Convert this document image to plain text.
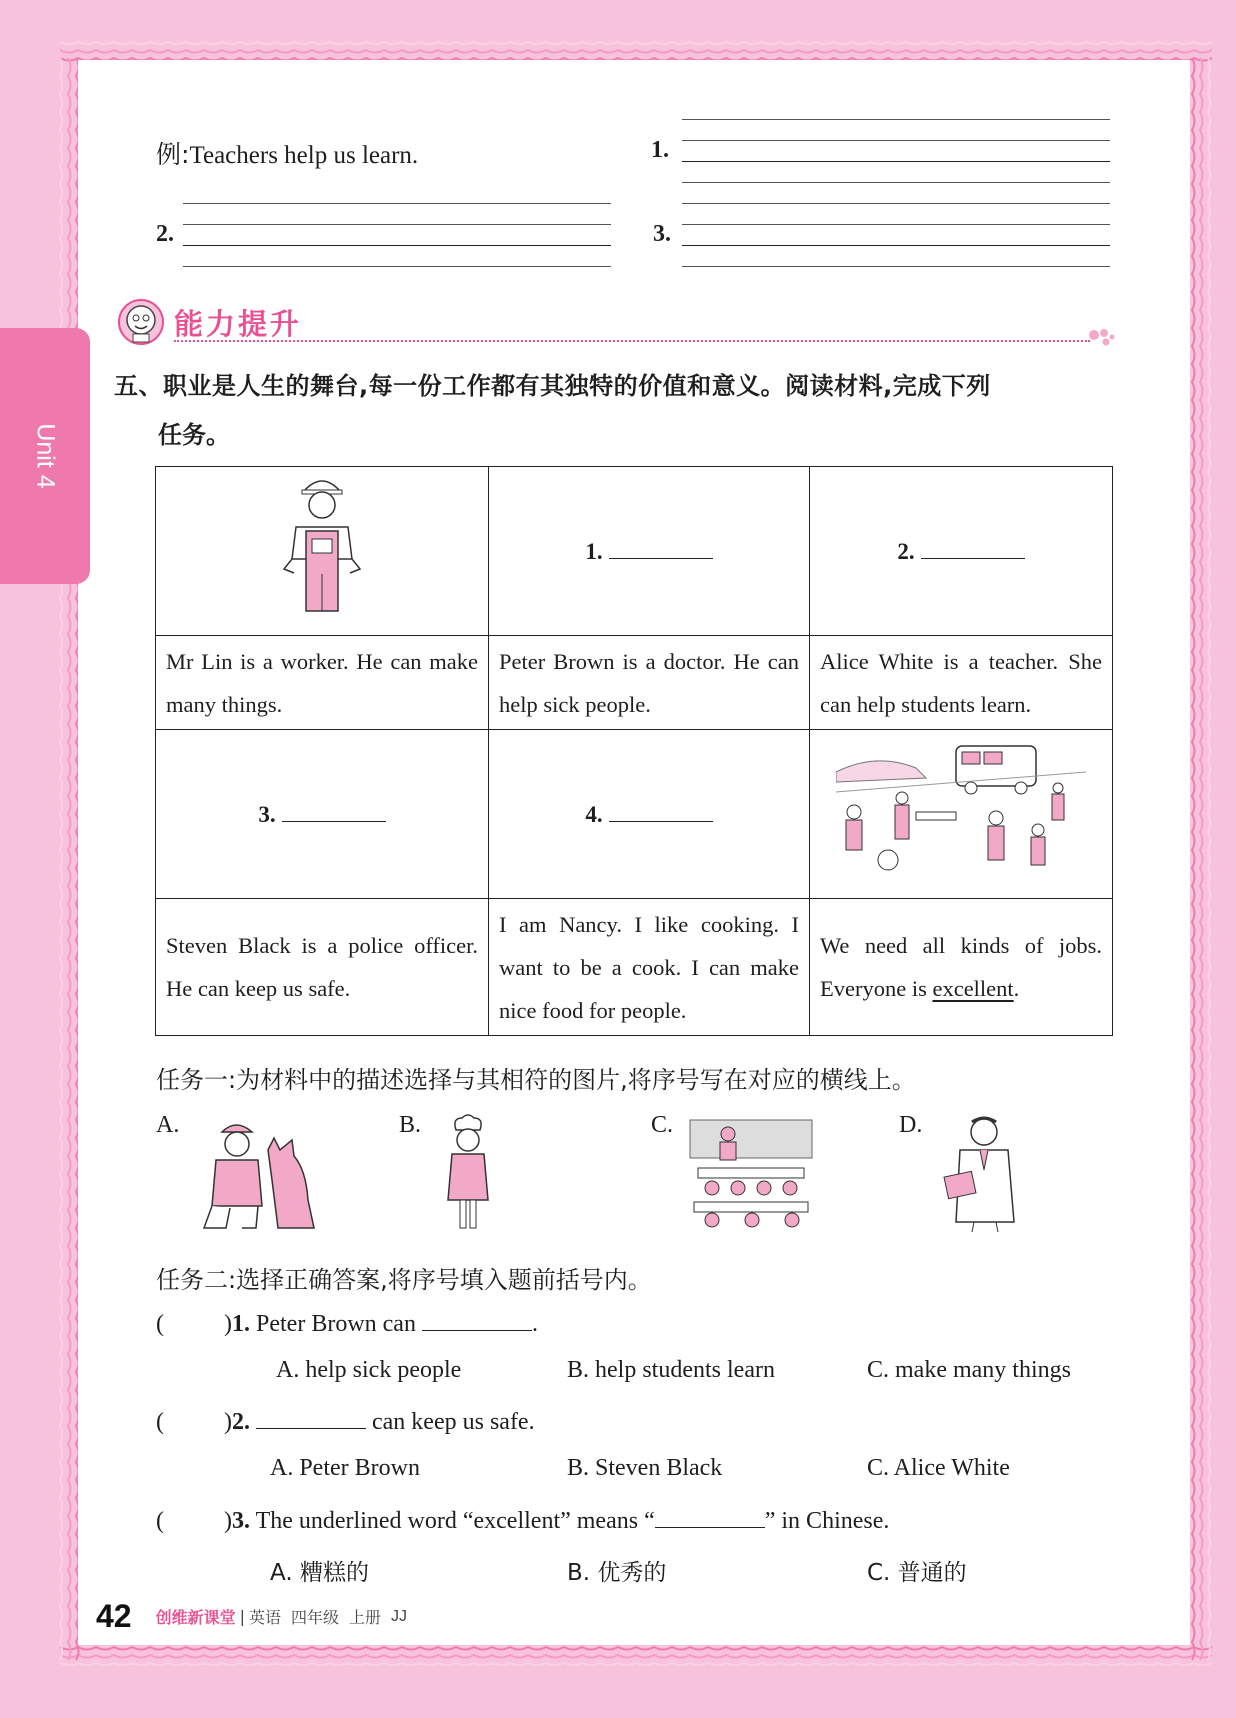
Unit 4
例:Teachers help us learn.	1.
2.	3.
能力提升
五、职业是人生的舞台,每一份工作都有其独特的价值和意义。阅读材料,完成下列
任务。
	1.	2.
Mr Lin is a worker. He can make many things.	Peter Brown is a doctor. He can help sick people.	Alice White is a teacher. She can help students learn.
3.	4.	
Steven Black is a police officer. He can keep us safe.	I am Nancy. I like cooking. I want to be a cook. I can make nice food for people.	We need all kinds of jobs. Everyone is excellent.
任务一:为材料中的描述选择与其相符的图片,将序号写在对应的横线上。
A.	B.	C.	D.
任务二:选择正确答案,将序号填入题前括号内。
(	)1. Peter Brown can	.
A. help sick people	B. help students learn	C. make many things
(	)2.	can keep us safe.
A. Peter Brown	B. Steven Black	C. Alice White
(	)3. The underlined word “excellent” means “	” in Chinese.
A. 糟糕的	B. 优秀的	C. 普通的
42 创维新课堂 | 英语 四年级 上册 JJ
